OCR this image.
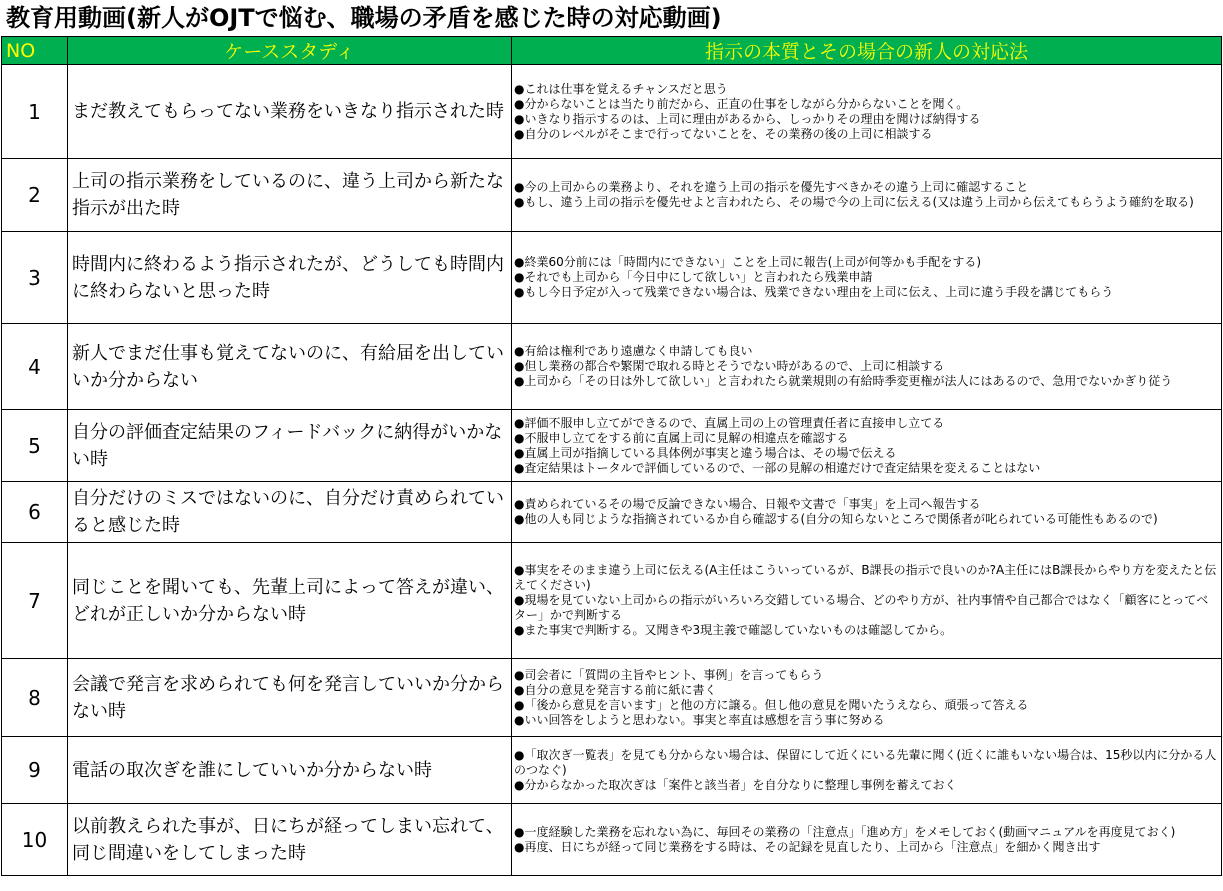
教育用動画(新人がOJTで悩む、職場の矛盾を感じた時の対応動画)
NO	ケーススタディ	指示の本質とその場合の新人の対応法
1	まだ教えてもらってない業務をいきなり指示された時	●これは仕事を覚えるチャンスだと思う
●分からないことは当たり前だから、正直の仕事をしながら分からないことを聞く。
●いきなり指示するのは、上司に理由があるから、しっかりその理由を聞けば納得する
●自分のレベルがそこまで行ってないことを、その業務の後の上司に相談する

2	上司の指示業務をしているのに、違う上司から新たな指示が出た時	●今の上司からの業務より、それを違う上司の指示を優先すべきかその違う上司に確認すること
●もし、違う上司の指示を優先せよと言われたら、その場で今の上司に伝える(又は違う上司から伝えてもらうよう確約を取る)

3	時間内に終わるよう指示されたが、どうしても時間内に終わらないと思った時	●終業60分前には「時間内にできない」ことを上司に報告(上司が何等かも手配をする)
●それでも上司から「今日中にして欲しい」と言われたら残業申請
●もし今日予定が入って残業できない場合は、残業できない理由を上司に伝え、上司に違う手段を講じてもらう

4	新人でまだ仕事も覚えてないのに、有給届を出していいか分からない	●有給は権利であり遠慮なく申請しても良い
●但し業務の都合や繁閑で取れる時とそうでない時があるので、上司に相談する
●上司から「その日は外して欲しい」と言われたら就業規則の有給時季変更権が法人にはあるので、急用でないかぎり従う

5	自分の評価査定結果のフィードバックに納得がいかない時	●評価不服申し立てができるので、直属上司の上の管理責任者に直接申し立てる
●不服申し立てをする前に直属上司に見解の相違点を確認する
●直属上司が指摘している具体例が事実と違う場合は、その場で伝える
●査定結果はトータルで評価しているので、一部の見解の相違だけで査定結果を変えることはない

6	自分だけのミスではないのに、自分だけ責められていると感じた時	●責められているその場で反論できない場合、日報や文書で「事実」を上司へ報告する
●他の人も同じような指摘されているか自ら確認する(自分の知らないところで関係者が叱られている可能性もあるので)

7	同じことを聞いても、先輩上司によって答えが違い、どれが正しいか分からない時	●事実をそのまま違う上司に伝える(A主任はこういっているが、B課長の指示で良いのか?A主任にはB課長からやり方を変えたと伝えてください)
●現場を見ていない上司からの指示がいろいろ交錯している場合、どのやり方が、社内事情や自己都合ではなく「顧客にとってベター」かで判断する
●また事実で判断する。又聞きや3現主義で確認していないものは確認してから。

8	会議で発言を求められても何を発言していいか分からない時	●司会者に「質問の主旨やヒント、事例」を言ってもらう
●自分の意見を発言する前に紙に書く
●「後から意見を言います」と他の方に譲る。但し他の意見を聞いたうえなら、頑張って答える
●いい回答をしようと思わない。事実と率直は感想を言う事に努める

9	電話の取次ぎを誰にしていいか分からない時	●「取次ぎ一覧表」を見ても分からない場合は、保留にして近くにいる先輩に聞く(近くに誰もいない場合は、15秒以内に分かる人のつなぐ)
●分からなかった取次ぎは「案件と該当者」を自分なりに整理し事例を蓄えておく

10	以前教えられた事が、日にちが経ってしまい忘れて、同じ間違いをしてしまった時	●一度経験した業務を忘れない為に、毎回その業務の「注意点」「進め方」をメモしておく(動画マニュアルを再度見ておく)
●再度、日にちが経って同じ業務をする時は、その記録を見直したり、上司から「注意点」を細かく聞き出す
